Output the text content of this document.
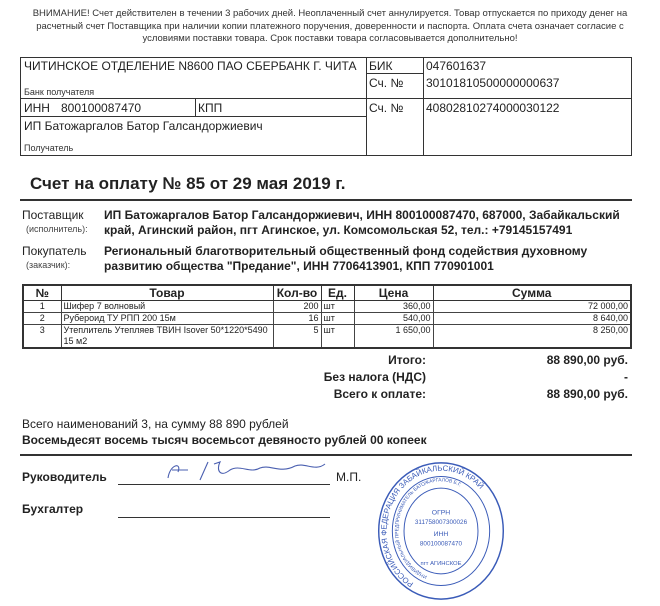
ВНИМАНИЕ! Счет действителен в течении 3 рабочих дней. Неоплаченный счет аннулируется. Товар отпускается по приходу денег на расчетный счет Поставщика при наличии копии платежного поручения, доверенности и паспорта. Оплата счета означает согласие с условиями поставки товара. Срок поставки товара согласовывается дополнительно!
ЧИТИНСКОЕ ОТДЕЛЕНИЕ N8600 ПАО СБЕРБАНК Г. ЧИТА
Банк получателя
БИК	047601637
Сч. № 30101810500000000637
ИНН 800100087470	КПП	Сч. № 40802810274000030122
ИП Батожаргалов Батор Галсандоржиевич
Получатель
Счет на оплату № 85 от 29 мая 2019 г.
Поставщик
(исполнитель):
ИП Батожаргалов Батор Галсандоржиевич, ИНН 800100087470, 687000, Забайкальский край, Агинский район, пгт Агинское, ул. Комсомольская 52, тел.: +79145157491
Покупатель
(заказчик):
Региональный благотворительный общественный фонд содействия духовному развитию общества "Предание", ИНН 7706413901, КПП 770901001
№	Товар	Кол-во	Ед.	Цена	Сумма
1	Шифер 7 волновый	200	шт	360,00	72 000,00
2	Рубероид ТУ РПП 200 15м	16	шт	540,00	8 640,00
3	Утеплитель Утепляев ТВИН Isover 50*1220*5490 15 м2	5	шт	1 650,00	8 250,00
Итого:	88 890,00 руб.
Без налога (НДС)	-
Всего к оплате:	88 890,00 руб.
Всего наименований 3, на сумму 88 890 рублей
Восемьдесят восемь тысяч восемьсот девяносто рублей 00 копеек
Руководитель	М.П.
Бухгалтер
РОССИЙСКАЯ ФЕДЕРАЦИЯ ЗАБАЙКАЛЬСКИЙ КРАЙ
ИНДИВИДУАЛЬНЫЙ ПРЕДПРИНИМАТЕЛЬ БАТОЖАРГАЛОВ Б.Г.
ОГРН
311758007300026
ИНН
800100087470
пгт АГИНСКОЕ
